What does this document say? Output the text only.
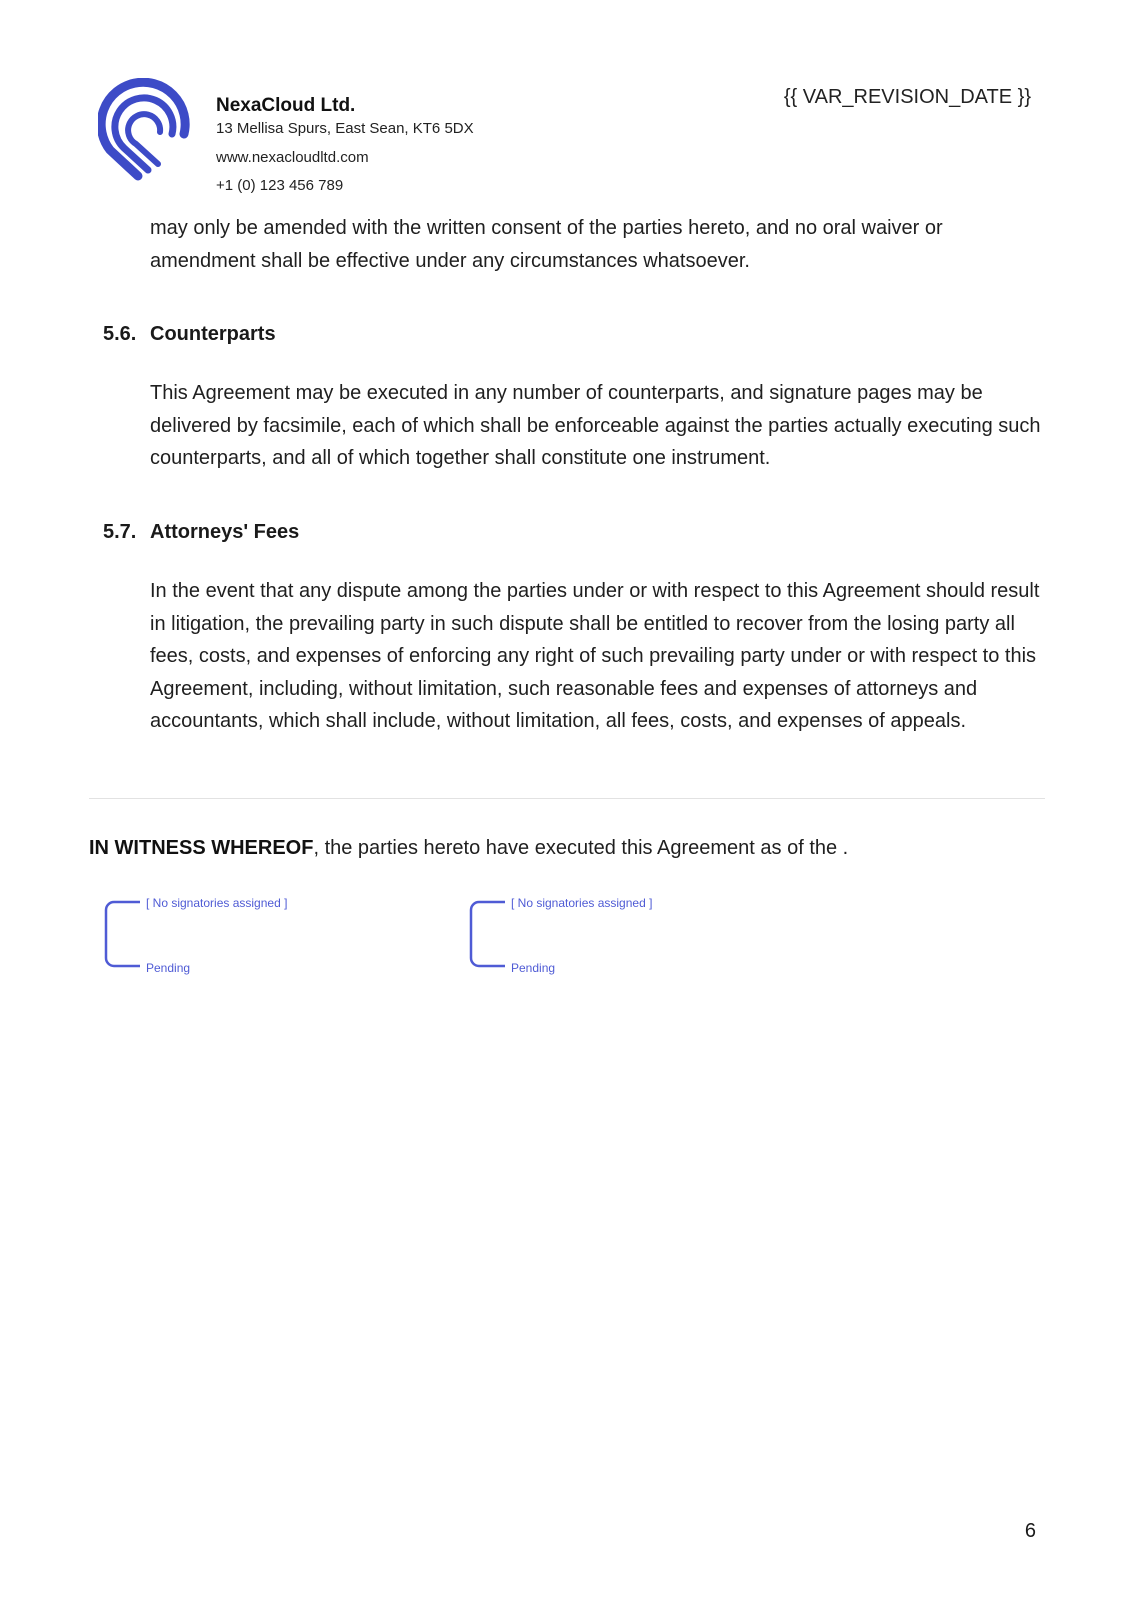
NexaCloud Ltd.
13 Mellisa Spurs, East Sean, KT6 5DX
www.nexacloudltd.com
+1 (0) 123 456 789
{{ VAR_REVISION_DATE }}

may only be amended with the written consent of the parties hereto, and no oral waiver or amendment shall be effective under any circumstances whatsoever.

5.6. Counterparts

This Agreement may be executed in any number of counterparts, and signature pages may be delivered by facsimile, each of which shall be enforceable against the parties actually executing such counterparts, and all of which together shall constitute one instrument.

5.7. Attorneys' Fees

In the event that any dispute among the parties under or with respect to this Agreement should result in litigation, the prevailing party in such dispute shall be entitled to recover from the losing party all fees, costs, and expenses of enforcing any right of such prevailing party under or with respect to this Agreement, including, without limitation, such reasonable fees and expenses of attorneys and accountants, which shall include, without limitation, all fees, costs, and expenses of appeals.

IN WITNESS WHEREOF, the parties hereto have executed this Agreement as of the .
[ No signatories assigned ]
Pending
[ No signatories assigned ]
Pending
6
